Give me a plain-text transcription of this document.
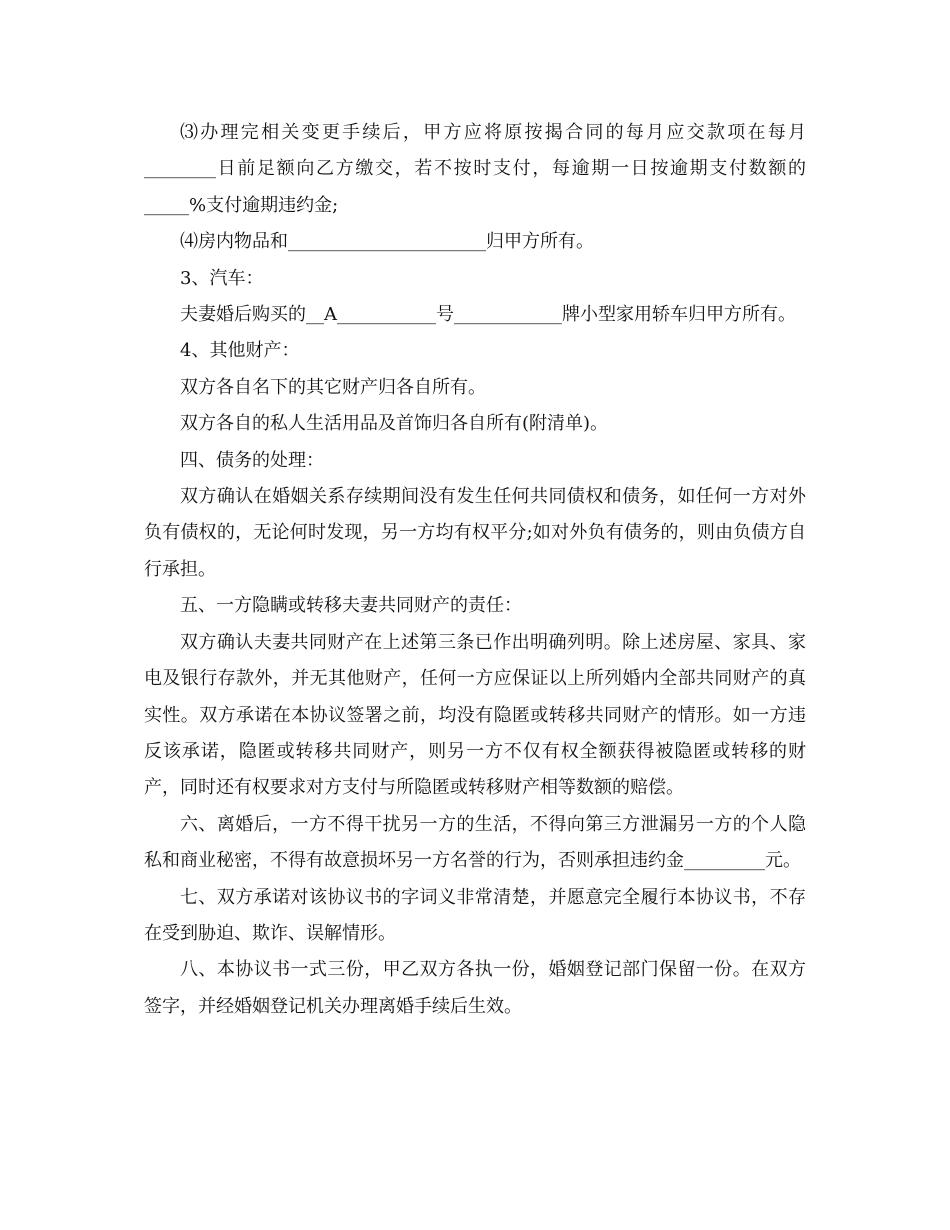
⑶办理完相关变更手续后，甲方应将原按揭合同的每月应交款项在每月________日前足额向乙方缴交，若不按时支付，每逾期一日按逾期支付数额的_____%支付逾期违约金;

⑷房内物品和______________________归甲方所有。

3、汽车：

夫妻婚后购买的__A___________号____________牌小型家用轿车归甲方所有。

4、其他财产：

双方各自名下的其它财产归各自所有。

双方各自的私人生活用品及首饰归各自所有(附清单)。

四、债务的处理：

双方确认在婚姻关系存续期间没有发生任何共同债权和债务，如任何一方对外负有债权的，无论何时发现，另一方均有权平分;如对外负有债务的，则由负债方自行承担。

五、一方隐瞒或转移夫妻共同财产的责任：

双方确认夫妻共同财产在上述第三条已作出明确列明。除上述房屋、家具、家电及银行存款外，并无其他财产，任何一方应保证以上所列婚内全部共同财产的真实性。双方承诺在本协议签署之前，均没有隐匿或转移共同财产的情形。如一方违反该承诺，隐匿或转移共同财产，则另一方不仅有权全额获得被隐匿或转移的财产，同时还有权要求对方支付与所隐匿或转移财产相等数额的赔偿。

六、离婚后，一方不得干扰另一方的生活，不得向第三方泄漏另一方的个人隐私和商业秘密，不得有故意损坏另一方名誉的行为，否则承担违约金_________元。

七、双方承诺对该协议书的字词义非常清楚，并愿意完全履行本协议书，不存在受到胁迫、欺诈、误解情形。

八、本协议书一式三份，甲乙双方各执一份，婚姻登记部门保留一份。在双方签字，并经婚姻登记机关办理离婚手续后生效。
